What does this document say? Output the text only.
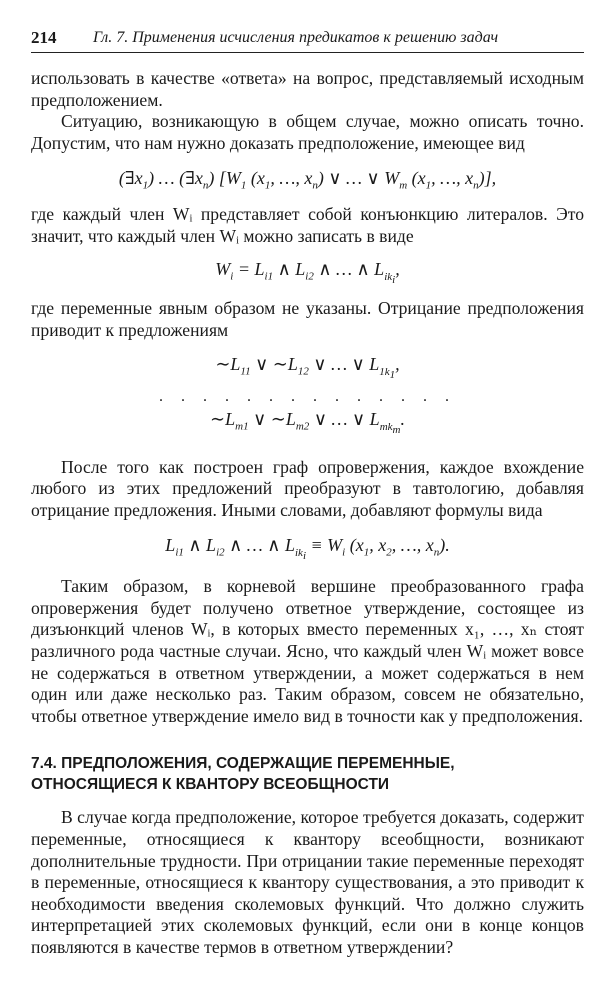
214 Гл. 7. Применения исчисления предикатов к решению задач

использовать в качестве «ответа» на вопрос, представляемый исходным предположением.

Ситуацию, возникающую в общем случае, можно описать точно. Допустим, что нам нужно доказать предположение, имеющее вид

$(\exists x_1)$ … $(\exists x_n)$ [$W_1$ ($x_1$, …, $x_n$) ∨ … ∨ $W_m$ ($x_1$, …, $x_n$)],

где каждый член Wᵢ представляет собой конъюнкцию литералов. Это значит, что каждый член Wᵢ можно записать в виде

$W_i = L_{i1}$ ∧ $L_{i2}$ ∧ … ∧ $L_{ik_i}$,

где переменные явным образом не указаны. Отрицание предположения приводит к предложениям

$\sim L_{11}$ ∨ $\sim L_{12}$ ∨ … ∨ $L_{1k_1}$,
. . . . . . . . . . . . . .
$\sim L_{m1}$ ∨ $\sim L_{m2}$ ∨ … ∨ $L_{mk_m}$.

После того как построен граф опровержения, каждое вхождение любого из этих предложений преобразуют в тавтологию, добавляя отрицание предложения. Иными словами, добавляют формулы вида

$L_{i1}$ ∧ $L_{i2}$ ∧ … ∧ $L_{ik_i} \equiv W_i$ ($x_1$, $x_2$, …, $x_n$).

Таким образом, в корневой вершине преобразованного графа опровержения будет получено ответное утверждение, состоящее из дизъюнкций членов Wᵢ, в которых вместо переменных x₁, …, xₙ стоят различного рода частные случаи. Ясно, что каждый член Wᵢ может вовсе не содержаться в ответном утверждении, а может содержаться в нем один или даже несколько раз. Таким образом, совсем не обязательно, чтобы ответное утверждение имело вид в точности как у предположения.

7.4. ПРЕДПОЛОЖЕНИЯ, СОДЕРЖАЩИЕ ПЕРЕМЕННЫЕ,
ОТНОСЯЩИЕСЯ К КВАНТОРУ ВСЕОБЩНОСТИ

В случае когда предположение, которое требуется доказать, содержит переменные, относящиеся к квантору всеобщности, возникают дополнительные трудности. При отрицании такие переменные переходят в переменные, относящиеся к квантору существования, а это приводит к необходимости введения сколемовых функций. Что должно служить интерпретацией этих сколемовых функций, если они в конце концов появляются в качестве термов в ответном утверждении?
